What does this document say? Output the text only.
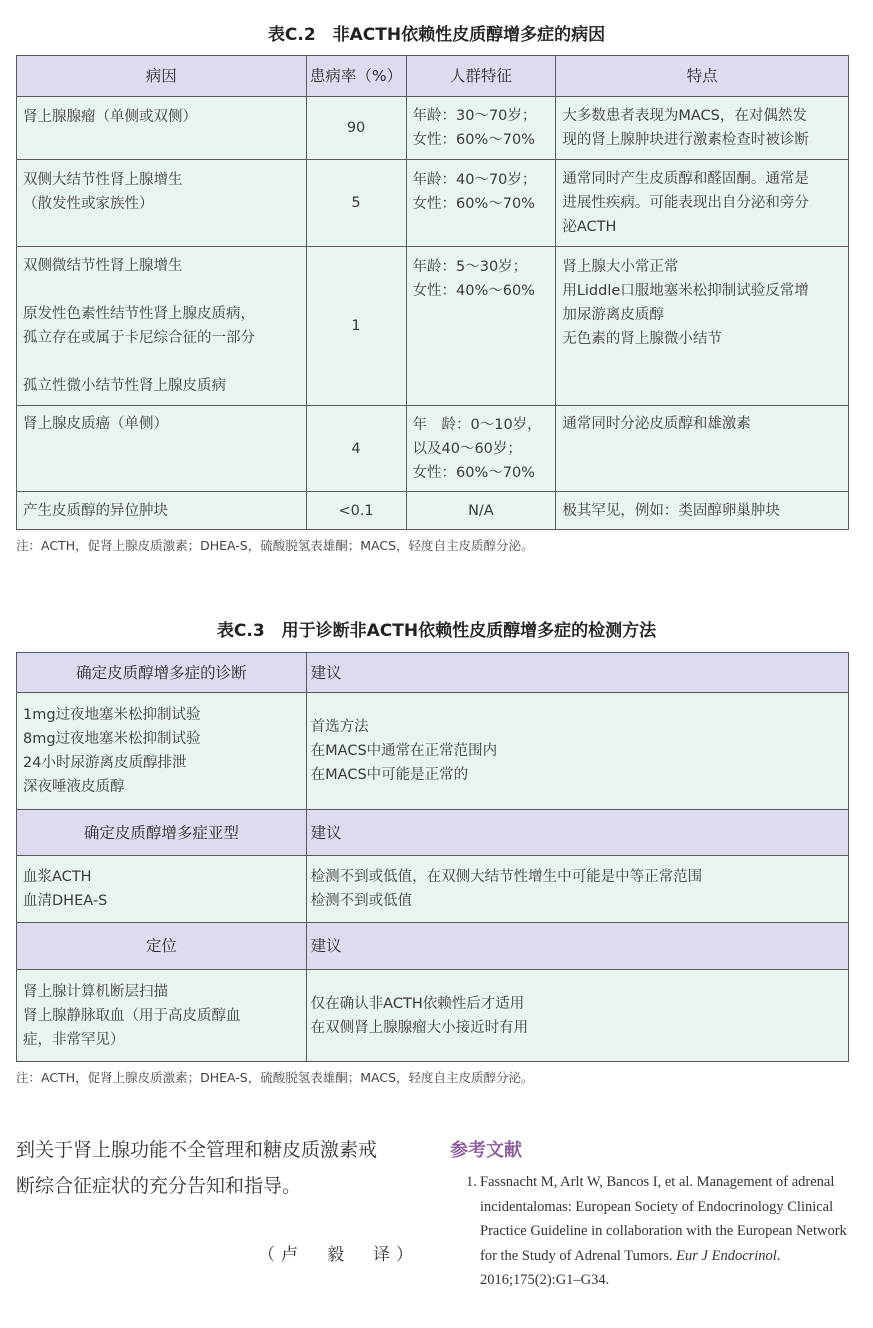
表C.2　非ACTH依赖性皮质醇增多症的病因
病因	患病率（%）	人群特征	特点

肾上腺腺瘤（单侧或双侧）	90	年龄：30～70岁；
女性：60%～70%	大多数患者表现为MACS，在对偶然发
现的肾上腺肿块进行激素检查时被诊断

双侧大结节性肾上腺增生
（散发性或家族性）	5	年龄：40～70岁；
女性：60%～70%	通常同时产生皮质醇和醛固酮。通常是
进展性疾病。可能表现出自分泌和旁分
泌ACTH

双侧微结节性肾上腺增生
原发性色素性结节性肾上腺皮质病，
孤立存在或属于卡尼综合征的一部分
孤立性微小结节性肾上腺皮质病	1	年龄：5～30岁；
女性：40%～60%	肾上腺大小常正常
用Liddle口服地塞米松抑制试验反常增
加尿游离皮质醇
无色素的肾上腺微小结节

肾上腺皮质癌（单侧）	4	年　龄：0～10岁，
以及40～60岁；
女性：60%～70%	通常同时分泌皮质醇和雄激素

产生皮质醇的异位肿块	<0.1	N/A	极其罕见，例如：类固醇卵巢肿块
注：ACTH，促肾上腺皮质激素；DHEA-S，硫酸脱氢表雄酮；MACS，轻度自主皮质醇分泌。
表C.3　用于诊断非ACTH依赖性皮质醇增多症的检测方法
确定皮质醇增多症的诊断	建议

1mg过夜地塞米松抑制试验
8mg过夜地塞米松抑制试验
24小时尿游离皮质醇排泄
深夜唾液皮质醇	首选方法
在MACS中通常在正常范围内
在MACS中可能是正常的

确定皮质醇增多症亚型	建议

血浆ACTH
血清DHEA-S	检测不到或低值，在双侧大结节性增生中可能是中等正常范围
检测不到或低值

定位	建议

肾上腺计算机断层扫描
肾上腺静脉取血（用于高皮质醇血
症，非常罕见）	仅在确认非ACTH依赖性后才适用
在双侧肾上腺腺瘤大小接近时有用
注：ACTH，促肾上腺皮质激素；DHEA-S，硫酸脱氢表雄酮；MACS，轻度自主皮质醇分泌。
到关于肾上腺功能不全管理和糖皮质激素戒
断综合征症状的充分告知和指导。
（卢　毅　译）
参考文献
1. Fassnacht M, Arlt W, Bancos I, et al. Management of adrenal incidentalomas: European Society of Endocrinology Clinical Practice Guideline in collaboration with the European Network for the Study of Adrenal Tumors. Eur J Endocrinol. 2016;175(2):G1–G34.
